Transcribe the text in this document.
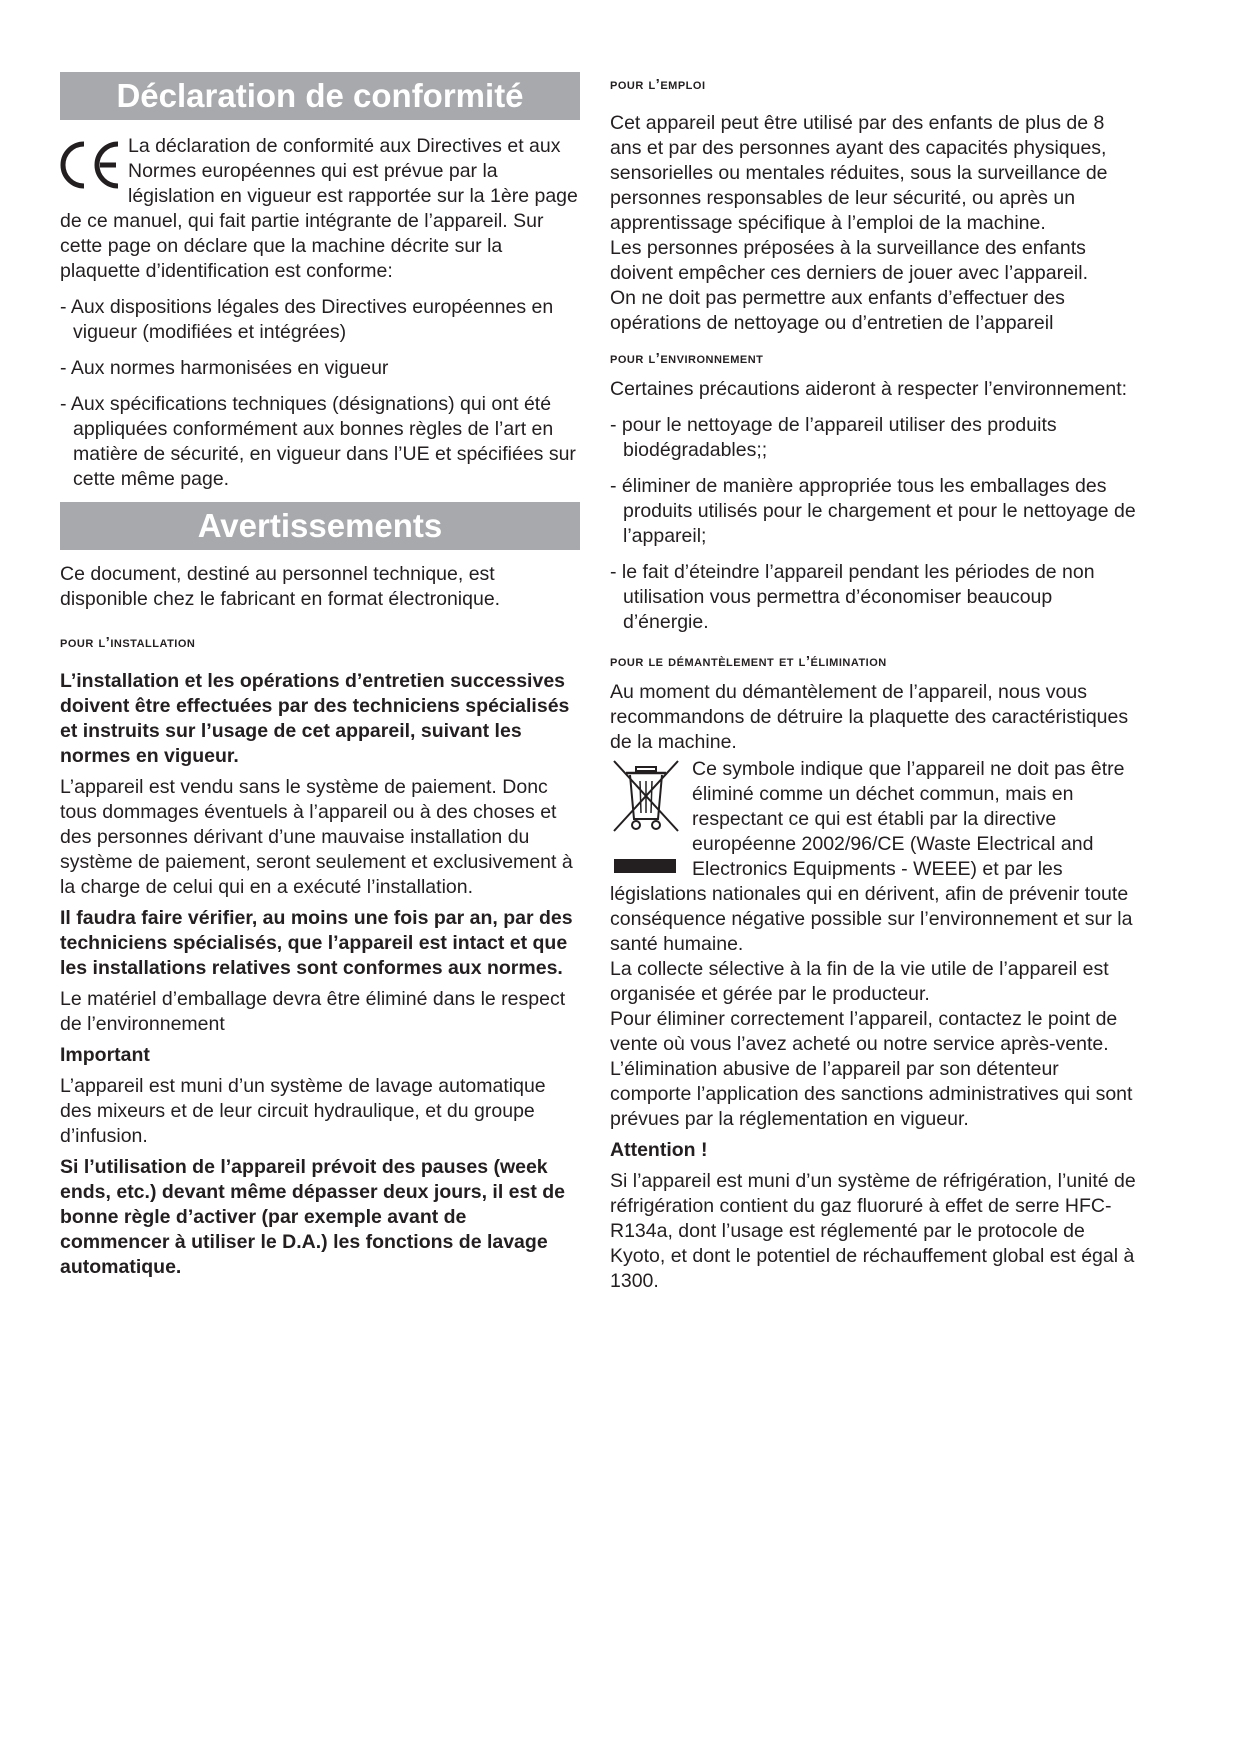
Déclaration de conformité

La déclaration de conformité aux Directives et aux Normes européennes qui est prévue par la législation en vigueur est rapportée sur la 1ère page de ce manuel, qui fait partie intégrante de l’appareil. Sur cette page on déclare que la machine décrite sur la plaquette d’identification est conforme:

- Aux dispositions légales des Directives européennes en vigueur (modifiées et intégrées)
- Aux normes harmonisées en vigueur
- Aux spécifications techniques (désignations) qui ont été appliquées conformément aux bonnes règles de l’art en matière de sécurité, en vigueur dans l’UE et spécifiées sur cette même page.
Avertissements

Ce document, destiné au personnel technique, est disponible chez le fabricant en format électronique.

pour l’installation

L’installation et les opérations d’entretien successives doivent être effectuées par des techniciens spécialisés et instruits sur l’usage de cet appareil, suivant les normes en vigueur.

L’appareil est vendu sans le système de paiement. Donc tous dommages éventuels à l’appareil ou à des choses et des personnes dérivant d’une mauvaise installation du système de paiement, seront seulement et exclusivement à la charge de celui qui en a exécuté l’installation.

Il faudra faire vérifier, au moins une fois par an, par des techniciens spécialisés, que l’appareil est intact et que les installations relatives sont conformes aux normes.

Le matériel d’emballage devra être éliminé dans le respect de l’environnement

Important

L’appareil est muni d’un système de lavage automatique des mixeurs et de leur circuit hydraulique, et du groupe d’infusion.

Si l’utilisation de l’appareil prévoit des pauses (week ends, etc.) devant même dépasser deux jours, il est de bonne règle d’activer (par exemple avant de commencer à utiliser le D.A.) les fonctions de lavage automatique.

pour l’emploi

Cet appareil peut être utilisé par des enfants de plus de 8 ans et par des personnes ayant des capacités physiques, sensorielles ou mentales réduites, sous la surveillance de personnes responsables de leur sécurité, ou après un apprentissage spécifique à l’emploi de la machine.

Les personnes préposées à la surveillance des enfants doivent empêcher ces derniers de jouer avec l’appareil.

On ne doit pas permettre aux enfants d’effectuer des opérations de nettoyage ou d’entretien de l’appareil

pour l’environnement

Certaines précautions aideront à respecter l’environnement:

- pour le nettoyage de l’appareil utiliser des produits biodégradables;;
- éliminer de manière appropriée tous les emballages des produits utilisés pour le chargement et pour le nettoyage de l’appareil;
- le fait d’éteindre l’appareil pendant les périodes de non utilisation vous permettra d’économiser beaucoup d’énergie.
pour le démantèlement et l’élimination

Au moment du démantèlement de l’appareil, nous vous recommandons de détruire la plaquette des caractéristiques de la machine.

Ce symbole indique que l’appareil ne doit pas être éliminé comme un déchet commun, mais en respectant ce qui est établi par la directive européenne 2002/96/CE (Waste Electrical and Electronics Equipments - WEEE) et par les législations nationales qui en dérivent, afin de prévenir toute conséquence négative possible sur l’environnement et sur la santé humaine.

La collecte sélective à la fin de la vie utile de l’appareil est organisée et gérée par le producteur.

Pour éliminer correctement l’appareil, contactez le point de vente où vous l’avez acheté ou notre service après-vente.

L’élimination abusive de l’appareil par son détenteur comporte l’application des sanctions administratives qui sont prévues par la réglementation en vigueur.

Attention !

Si l’appareil est muni d’un système de réfrigération, l’unité de réfrigération contient du gaz fluoruré à effet de serre HFC-R134a, dont l’usage est réglementé par le protocole de Kyoto, et dont le potentiel de réchauffement global est égal à 1300.
